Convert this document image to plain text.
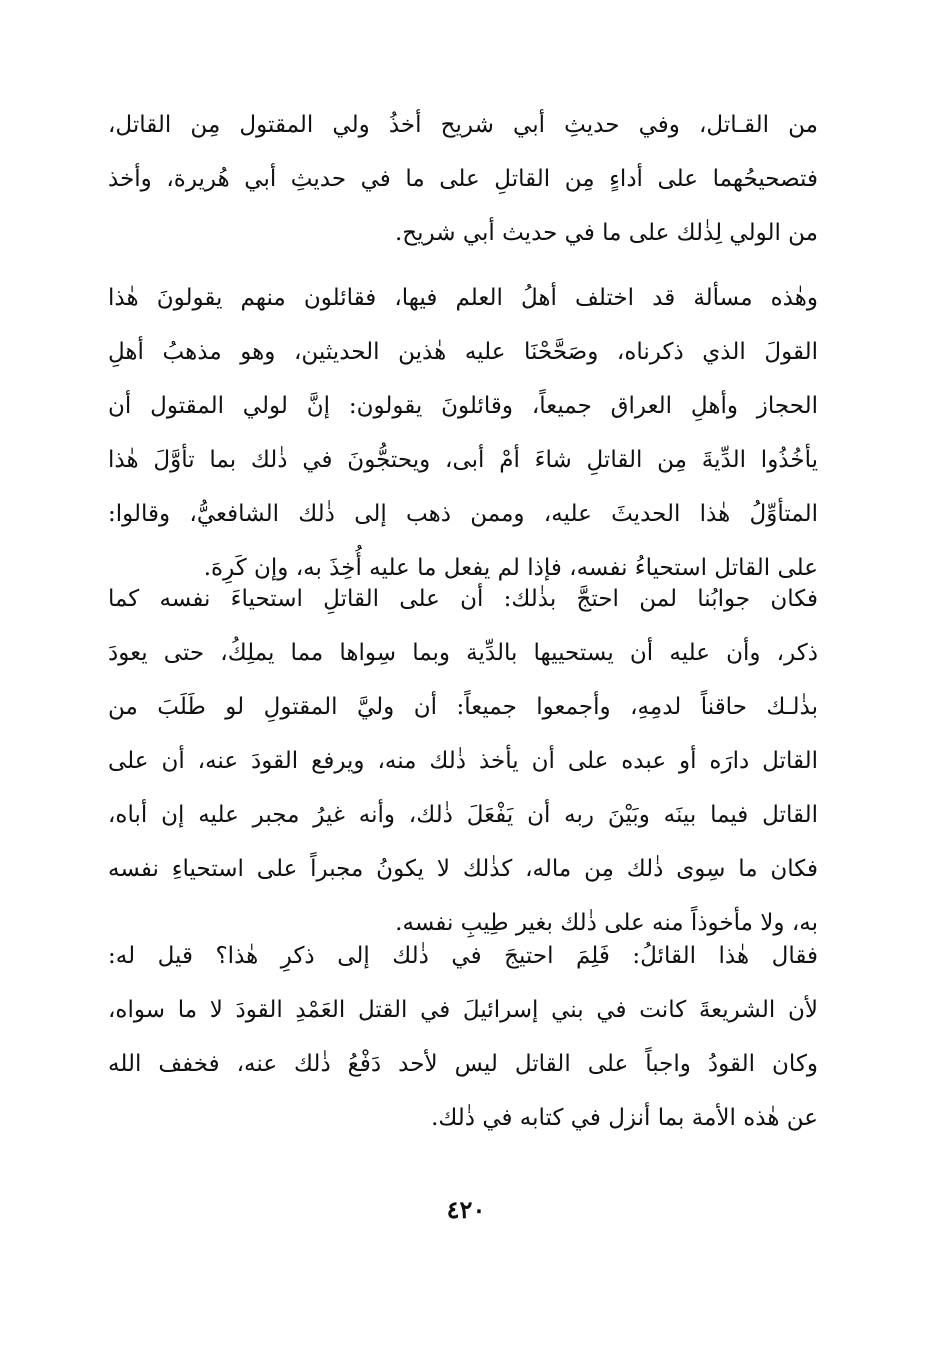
من القـاتل، وفي حديثِ أبي شريح أخذُ ولي المقتول مِن القاتل،
فتصحيحُهما على أداءٍ مِن القاتلِ على ما في حديثِ أبي هُريرة، وأخذ
من الولي لِذٰلك على ما في حديث أبي شريح.
وهٰذه مسألة قد اختلف أهلُ العلم فيها، فقائلون منهم يقولونَ هٰذا
القولَ الذي ذكرناه، وصَحَّحْنَا عليه هٰذين الحديثين، وهو مذهبُ أهلِ
الحجاز وأهلِ العراق جميعاً، وقائلونَ يقولون: إنَّ لولي المقتول أن
يأخُذُوا الدِّيةَ مِن القاتلِ شاءَ أمْ أبى، ويحتجُّونَ في ذٰلك بما تأوَّلَ هٰذا
المتأوِّلُ هٰذا الحديثَ عليه، وممن ذهب إلى ذٰلك الشافعيُّ، وقالوا:
على القاتل استحياءُ نفسه، فإذا لم يفعل ما عليه أُخِذَ به، وإن كَرِهَ.
فكان جوابُنا لمن احتجَّ بذٰلك: أن على القاتلِ استحياءَ نفسه كما
ذكر، وأن عليه أن يستحييها بالدِّية وبما سِواها مما يملِكُ، حتى يعودَ
بذٰلـك حاقناً لدمِهِ، وأجمعوا جميعاً: أن وليَّ المقتولِ لو طَلَبَ من
القاتل دارَه أو عبده على أن يأخذ ذٰلك منه، ويرفع القودَ عنه، أن على
القاتل فيما بينَه وبَيْنَ ربه أن يَفْعَلَ ذٰلك، وأنه غيرُ مجبر عليه إن أباه،
فكان ما سِوى ذٰلك مِن ماله، كذٰلك لا يكونُ مجبراً على استحياءِ نفسه
به، ولا مأخوذاً منه على ذٰلك بغير طِيبِ نفسه.
فقال هٰذا القائلُ: فَلِمَ احتيجَ في ذٰلك إلى ذكرِ هٰذا؟ قيل له:
لأن الشريعةَ كانت في بني إسرائيلَ في القتل العَمْدِ القودَ لا ما سواه،
وكان القودُ واجباً على القاتل ليس لأحد دَفْعُ ذٰلك عنه، فخفف الله
عن هٰذه الأمة بما أنزل في كتابه في ذٰلك.
٤٢٠
